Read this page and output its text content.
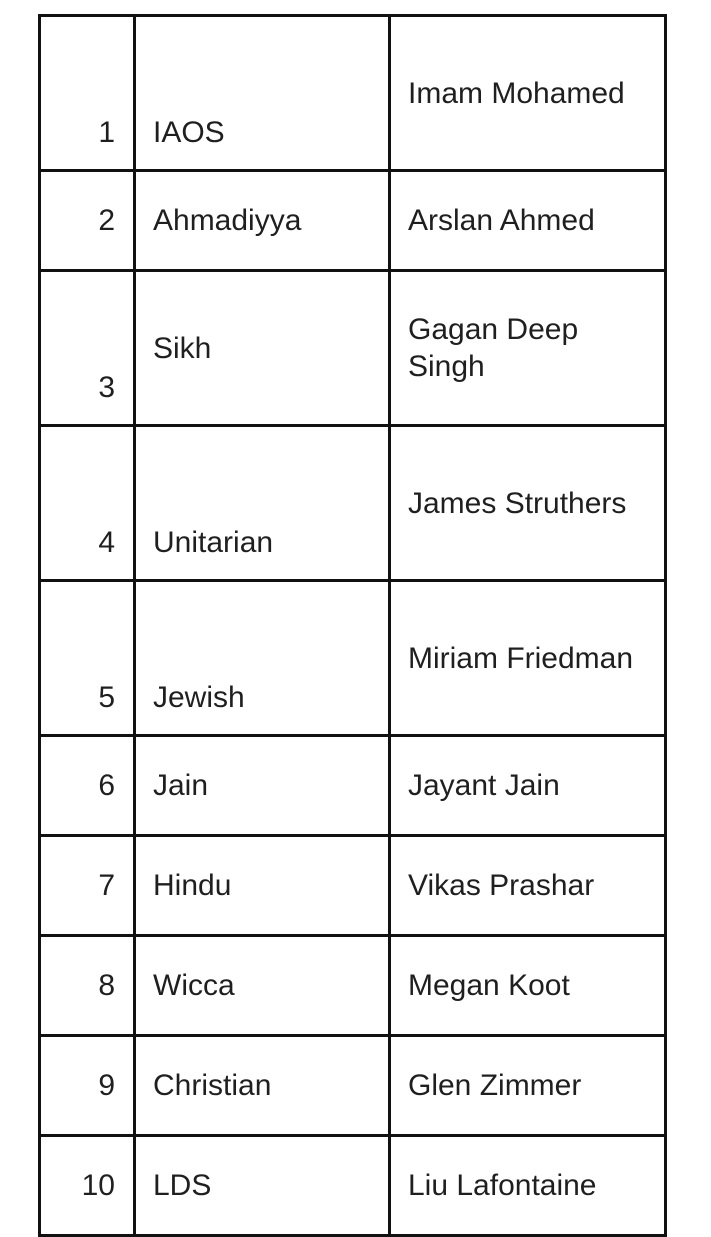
1	IAOS	Imam Mohamed
2	Ahmadiyya	Arslan Ahmed
3	Sikh	Gagan Deep Singh
4	Unitarian	James Struthers
5	Jewish	Miriam Friedman
6	Jain	Jayant Jain
7	Hindu	Vikas Prashar
8	Wicca	Megan Koot
9	Christian	Glen Zimmer
10	LDS	Liu Lafontaine
